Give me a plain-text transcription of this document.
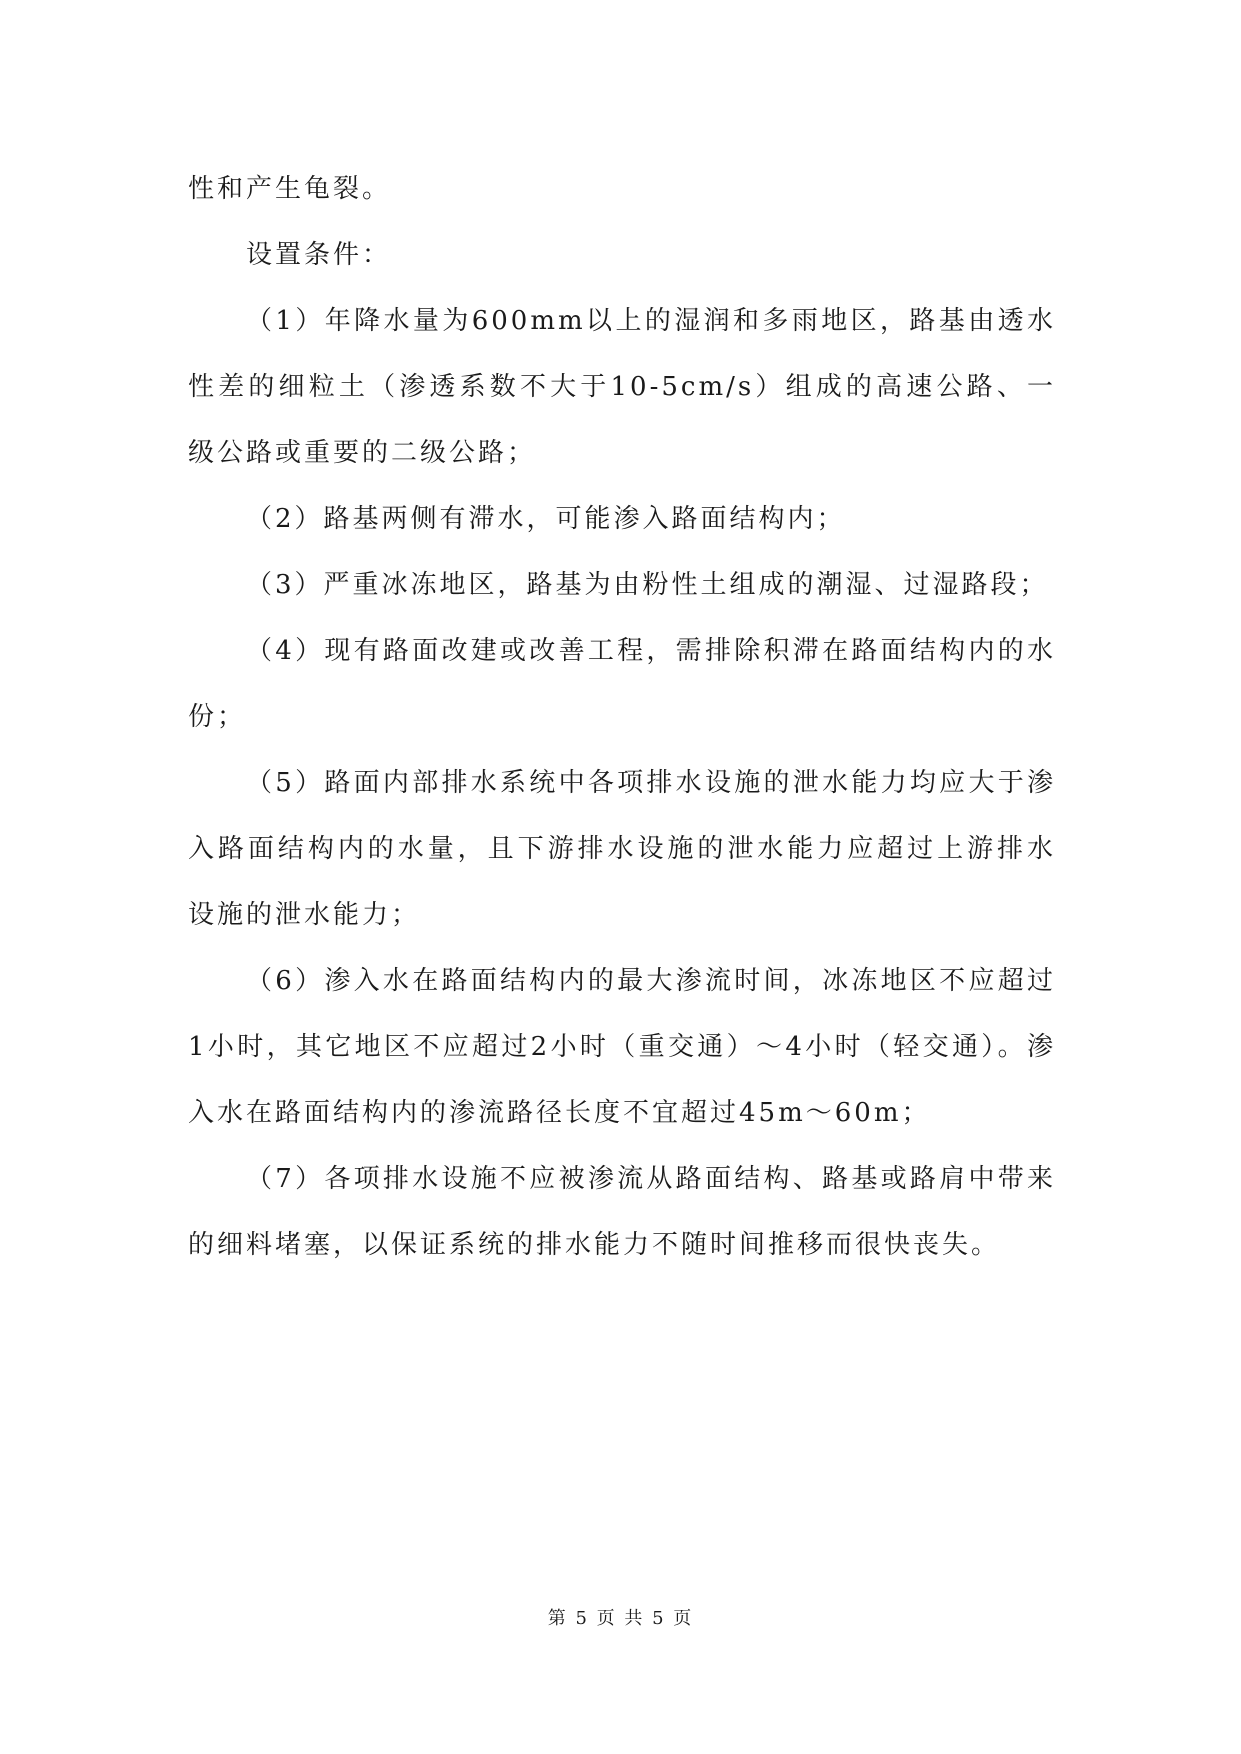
性和产生龟裂。

设置条件：

（1）年降水量为600mm以上的湿润和多雨地区，路基由透水性差的细粒土（渗透系数不大于10-5cm/s）组成的高速公路、一级公路或重要的二级公路；

（2）路基两侧有滞水，可能渗入路面结构内；

（3）严重冰冻地区，路基为由粉性土组成的潮湿、过湿路段；

（4）现有路面改建或改善工程，需排除积滞在路面结构内的水份；

（5）路面内部排水系统中各项排水设施的泄水能力均应大于渗入路面结构内的水量，且下游排水设施的泄水能力应超过上游排水设施的泄水能力；

（6）渗入水在路面结构内的最大渗流时间，冰冻地区不应超过1小时，其它地区不应超过2小时（重交通）～4小时（轻交通）。渗入水在路面结构内的渗流路径长度不宜超过45m～60m；

（7）各项排水设施不应被渗流从路面结构、路基或路肩中带来的细料堵塞，以保证系统的排水能力不随时间推移而很快丧失。

第 5 页 共 5 页
